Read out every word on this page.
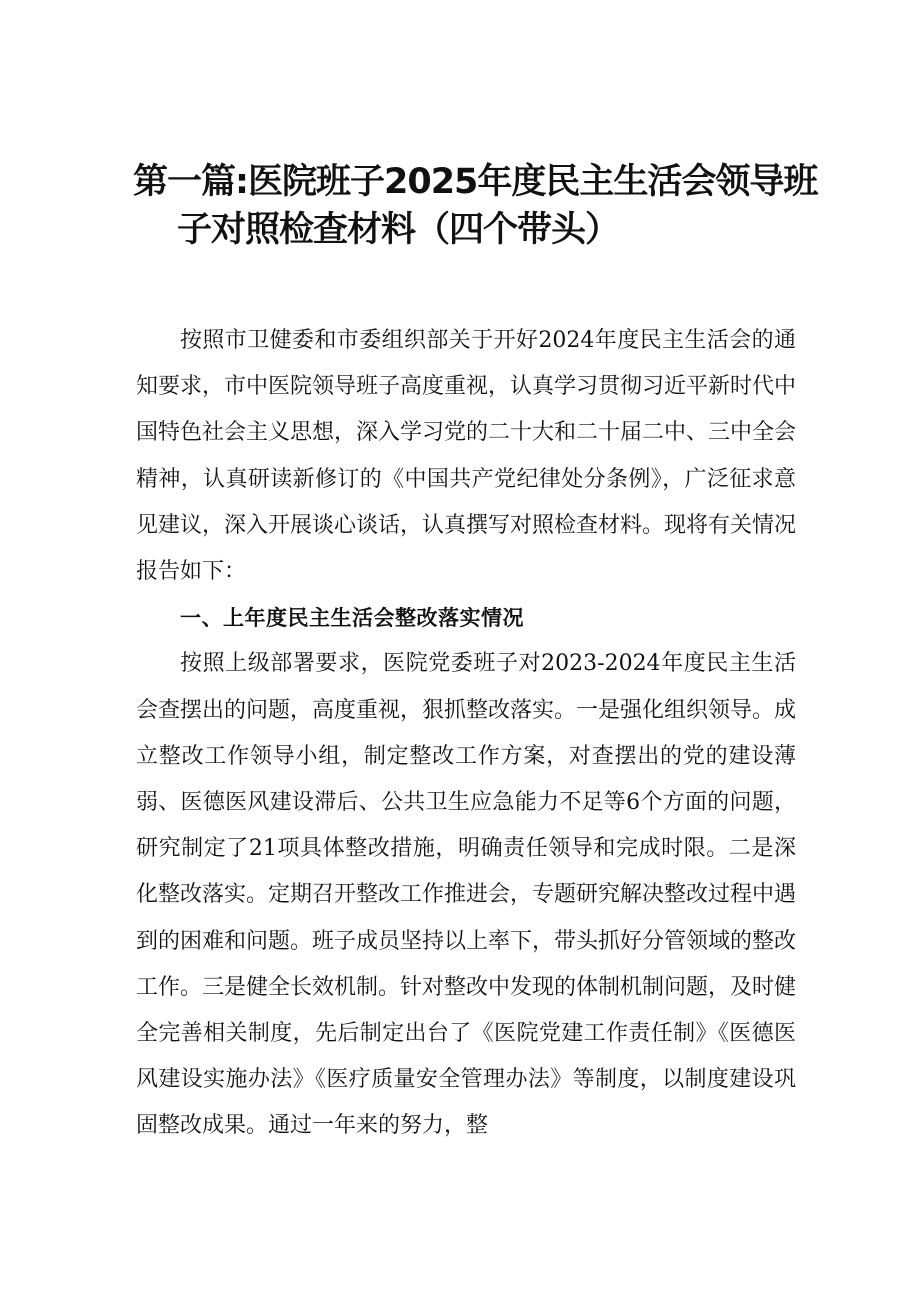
第一篇:医院班子2025年度民主生活会领导班
子对照检查材料（四个带头）

按照市卫健委和市委组织部关于开好2024年度民主生活会的通知要求，市中医院领导班子高度重视，认真学习贯彻习近平新时代中国特色社会主义思想，深入学习党的二十大和二十届二中、三中全会精神，认真研读新修订的《中国共产党纪律处分条例》，广泛征求意见建议，深入开展谈心谈话，认真撰写对照检查材料。现将有关情况报告如下：

一、上年度民主生活会整改落实情况

按照上级部署要求，医院党委班子对2023-2024年度民主生活会查摆出的问题，高度重视，狠抓整改落实。一是强化组织领导。成立整改工作领导小组，制定整改工作方案，对查摆出的党的建设薄弱、医德医风建设滞后、公共卫生应急能力不足等6个方面的问题，研究制定了21项具体整改措施，明确责任领导和完成时限。二是深化整改落实。定期召开整改工作推进会，专题研究解决整改过程中遇到的困难和问题。班子成员坚持以上率下，带头抓好分管领域的整改工作。三是健全长效机制。针对整改中发现的体制机制问题，及时健全完善相关制度，先后制定出台了《医院党建工作责任制》《医德医风建设实施办法》《医疗质量安全管理办法》等制度，以制度建设巩固整改成果。通过一年来的努力，整
